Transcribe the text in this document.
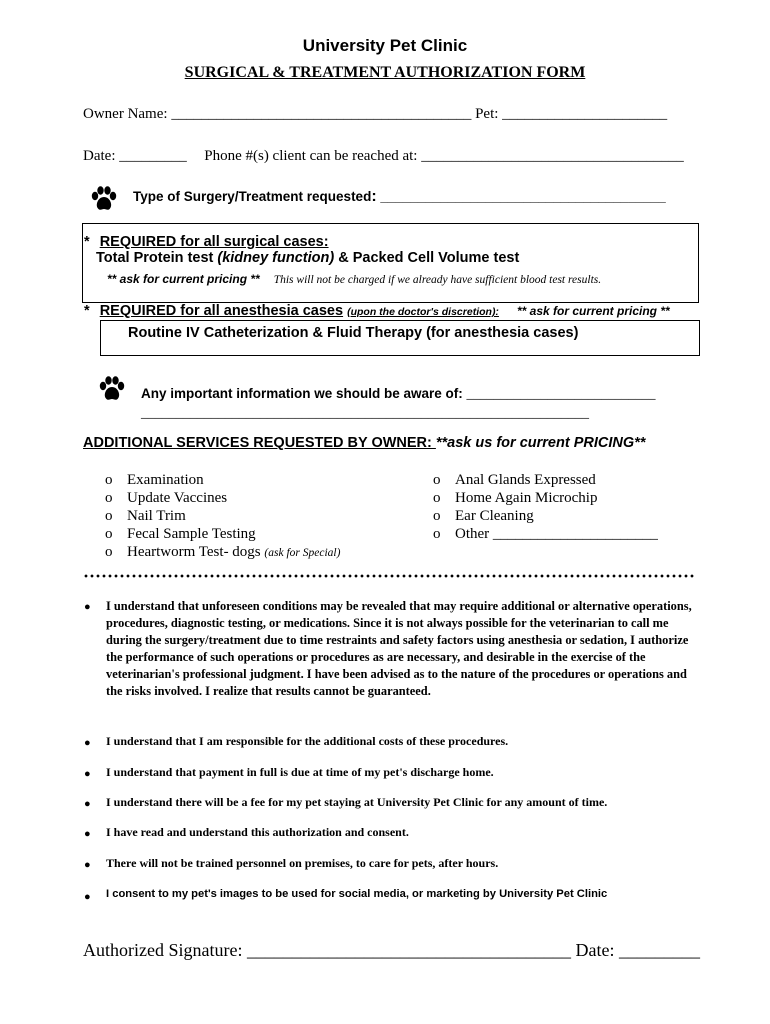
University Pet Clinic
SURGICAL & TREATMENT AUTHORIZATION FORM
Owner Name: ________________________________________ Pet: ______________________
Date: _________ Phone #(s) client can be reached at: ___________________________________
Type of Surgery/Treatment requested: ______________________________________
* REQUIRED for all surgical cases:
Total Protein test (kidney function) & Packed Cell Volume test
** ask for current pricing ** This will not be charged if we already have sufficient blood test results.
* REQUIRED for all anesthesia cases (upon the doctor's discretion): ** ask for current pricing **
Routine IV Catheterization & Fluid Therapy (for anesthesia cases)
Any important information we should be aware of: ____________________________
________________________________________________________________
ADDITIONAL SERVICES REQUESTED BY OWNER: **ask us for current PRICING**
o Examination
o Update Vaccines
o Nail Trim
o Fecal Sample Testing
o Heartworm Test- dogs (ask for Special)
o Anal Glands Expressed
o Home Again Microchip
o Ear Cleaning
o Other ______________________
● I understand that unforeseen conditions may be revealed that may require additional or alternative operations, procedures, diagnostic testing, or medications. Since it is not always possible for the veterinarian to call me during the surgery/treatment due to time restraints and safety factors using anesthesia or sedation, I authorize the performance of such operations or procedures as are necessary, and desirable in the exercise of the veterinarian's professional judgment. I have been advised as to the nature of the procedures or operations and the risks involved. I realize that results cannot be guaranteed.
● I understand that I am responsible for the additional costs of these procedures.
● I understand that payment in full is due at time of my pet's discharge home.
● I understand there will be a fee for my pet staying at University Pet Clinic for any amount of time.
● I have read and understand this authorization and consent.
● There will not be trained personnel on premises, to care for pets, after hours.
● I consent to my pet's images to be used for social media, or marketing by University Pet Clinic
Authorized Signature: ____________________________________ Date: _________
